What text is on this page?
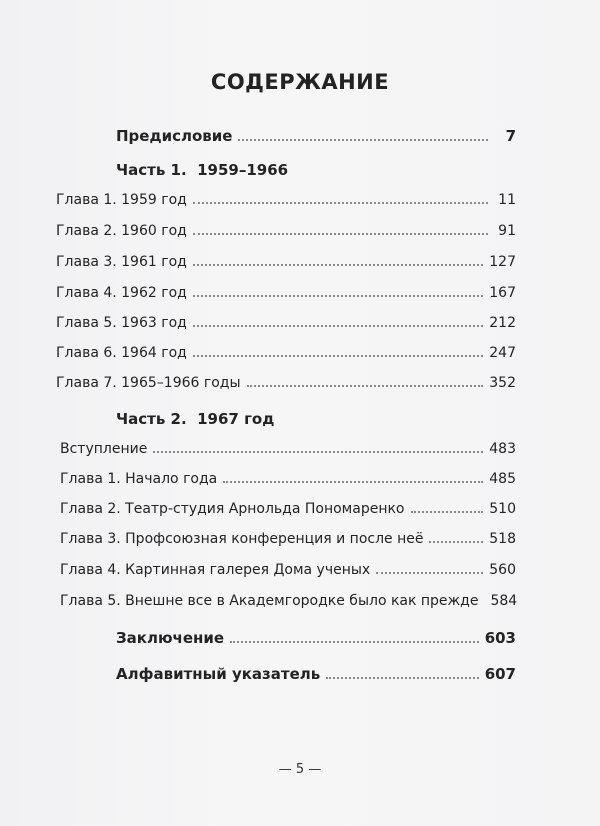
СОДЕРЖАНИЕ
Предисловие	7
Часть 1.  1959–1966
Глава 1. 1959 год	11
Глава 2. 1960 год	91
Глава 3. 1961 год	127
Глава 4. 1962 год	167
Глава 5. 1963 год	212
Глава 6. 1964 год	247
Глава 7. 1965–1966 годы	352
Часть 2.  1967 год
Вступление	483
Глава 1. Начало года	485
Глава 2. Театр-студия Арнольда Пономаренко	510
Глава 3. Профсоюзная конференция и после неё	518
Глава 4. Картинная галерея Дома ученых	560
Глава 5. Внешне все в Академгородке было как прежде 584
Заключение	603
Алфавитный указатель	607
— 5 —
